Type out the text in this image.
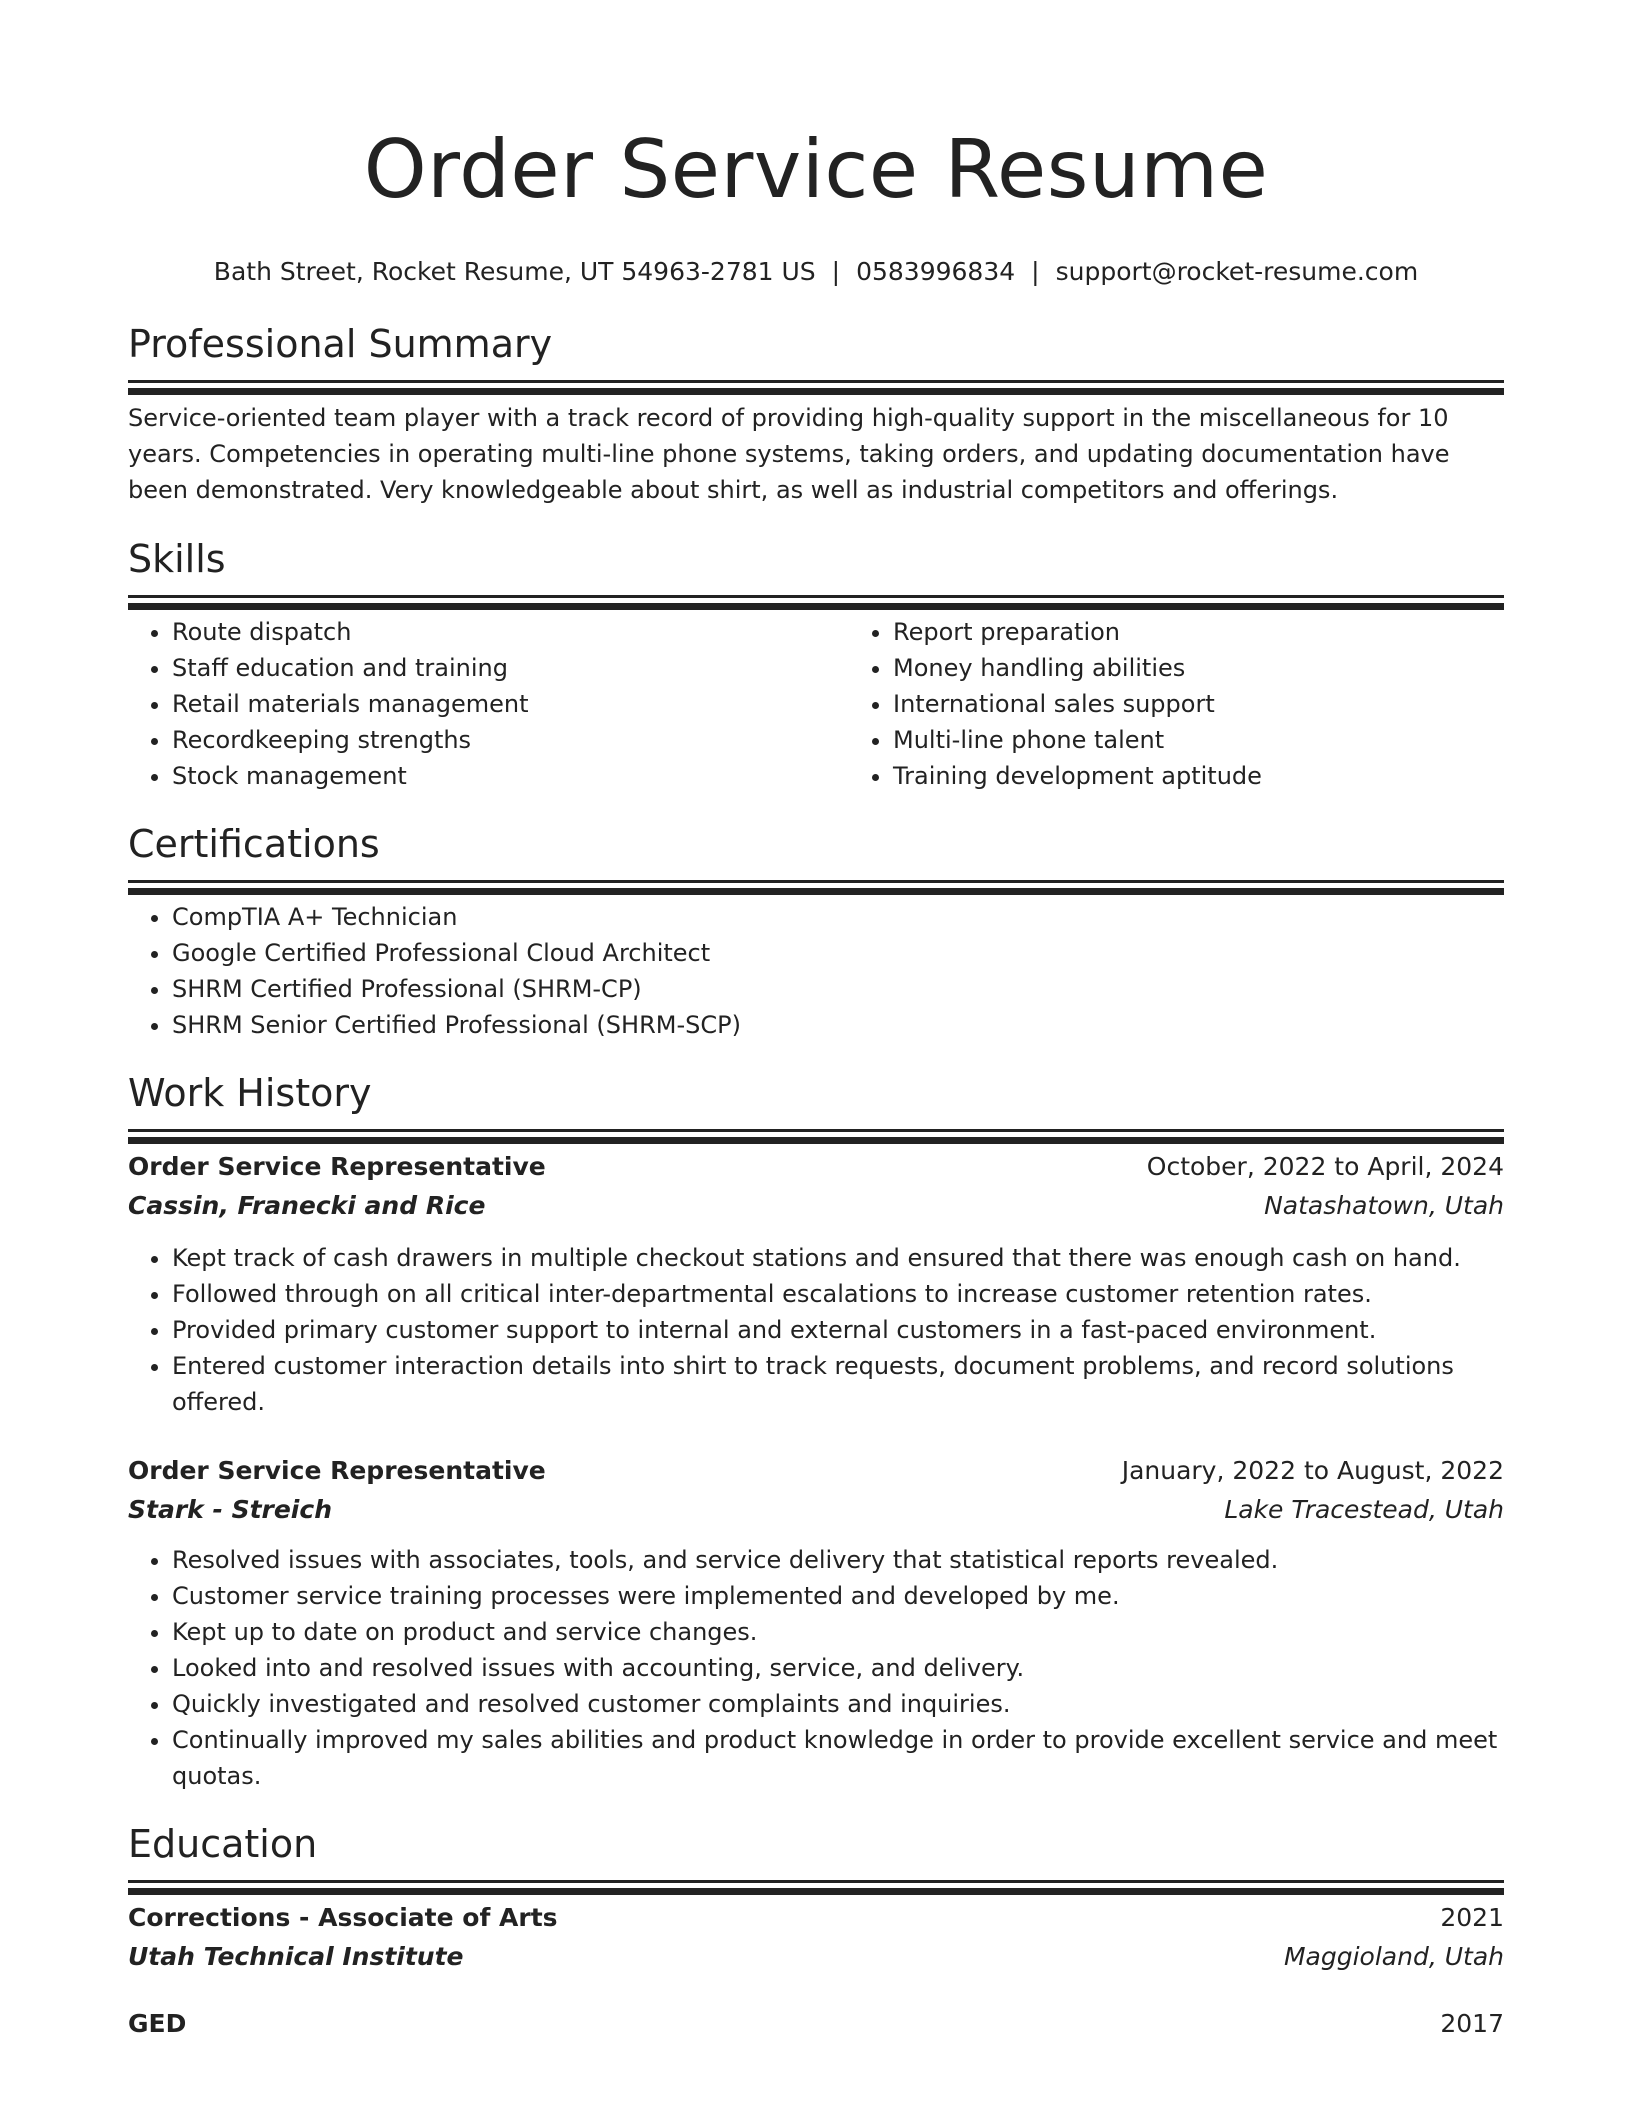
Order Service Resume
Bath Street, Rocket Resume, UT 54963-2781 US | 0583996834 | support@rocket-resume.com
Professional Summary
Service-oriented team player with a track record of providing high-quality support in the miscellaneous for 10 years. Competencies in operating multi-line phone systems, taking orders, and updating documentation have been demonstrated. Very knowledgeable about shirt, as well as industrial competitors and offerings.
Skills
• Route dispatch
• Staff education and training
• Retail materials management
• Recordkeeping strengths
• Stock management
• Report preparation
• Money handling abilities
• International sales support
• Multi-line phone talent
• Training development aptitude
Certifications
• CompTIA A+ Technician
• Google Certified Professional Cloud Architect
• SHRM Certified Professional (SHRM-CP)
• SHRM Senior Certified Professional (SHRM-SCP)
Work History
Order Service Representative	October, 2022 to April, 2024
Cassin, Franecki and Rice	Natashatown, Utah
• Kept track of cash drawers in multiple checkout stations and ensured that there was enough cash on hand.
• Followed through on all critical inter-departmental escalations to increase customer retention rates.
• Provided primary customer support to internal and external customers in a fast-paced environment.
• Entered customer interaction details into shirt to track requests, document problems, and record solutions offered.
Order Service Representative	January, 2022 to August, 2022
Stark - Streich	Lake Tracestead, Utah
• Resolved issues with associates, tools, and service delivery that statistical reports revealed.
• Customer service training processes were implemented and developed by me.
• Kept up to date on product and service changes.
• Looked into and resolved issues with accounting, service, and delivery.
• Quickly investigated and resolved customer complaints and inquiries.
• Continually improved my sales abilities and product knowledge in order to provide excellent service and meet quotas.
Education
Corrections - Associate of Arts	2021
Utah Technical Institute	Maggioland, Utah
GED	2017
